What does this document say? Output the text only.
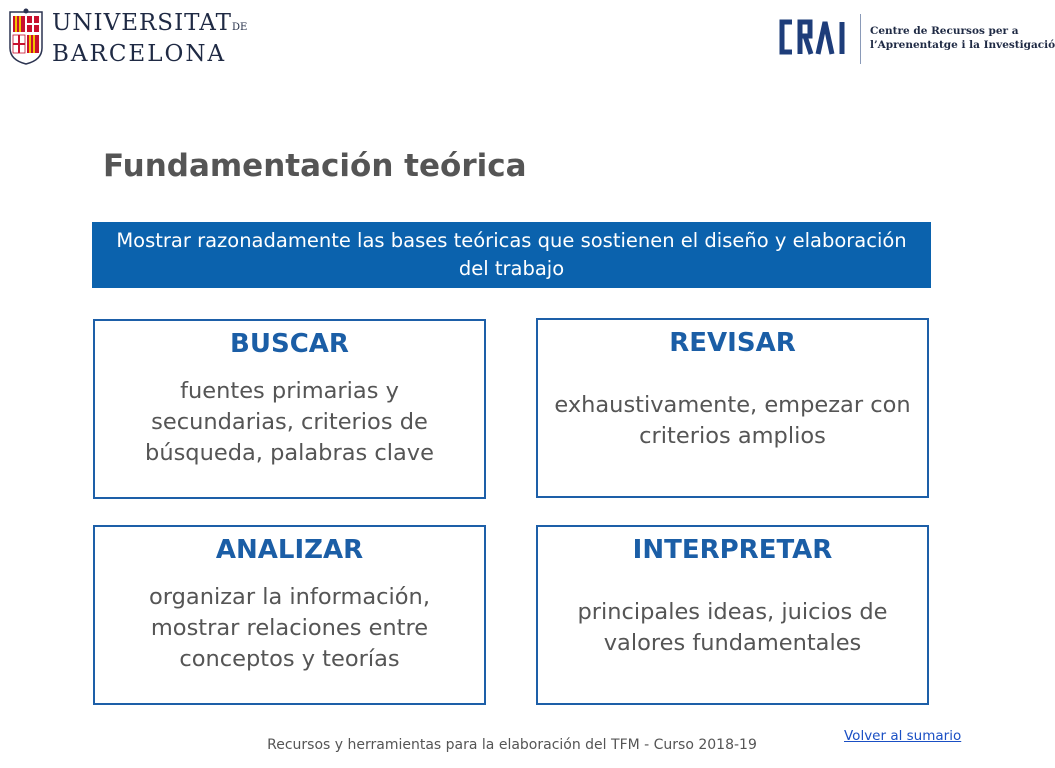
UNIVERSITATDE
BARCELONA
Centre de Recursos per a
l’Aprenentatge i la Investigació
Fundamentación teórica
Mostrar razonadamente las bases teóricas que sostienen el diseño y elaboración del trabajo
BUSCAR
fuentes primarias y secundarias, criterios de búsqueda, palabras clave
REVISAR
exhaustivamente, empezar con criterios amplios
ANALIZAR
organizar la información, mostrar relaciones entre conceptos y teorías
INTERPRETAR
principales ideas, juicios de valores fundamentales
Volver al sumario
Recursos y herramientas para la elaboración del TFM - Curso 2018-19
